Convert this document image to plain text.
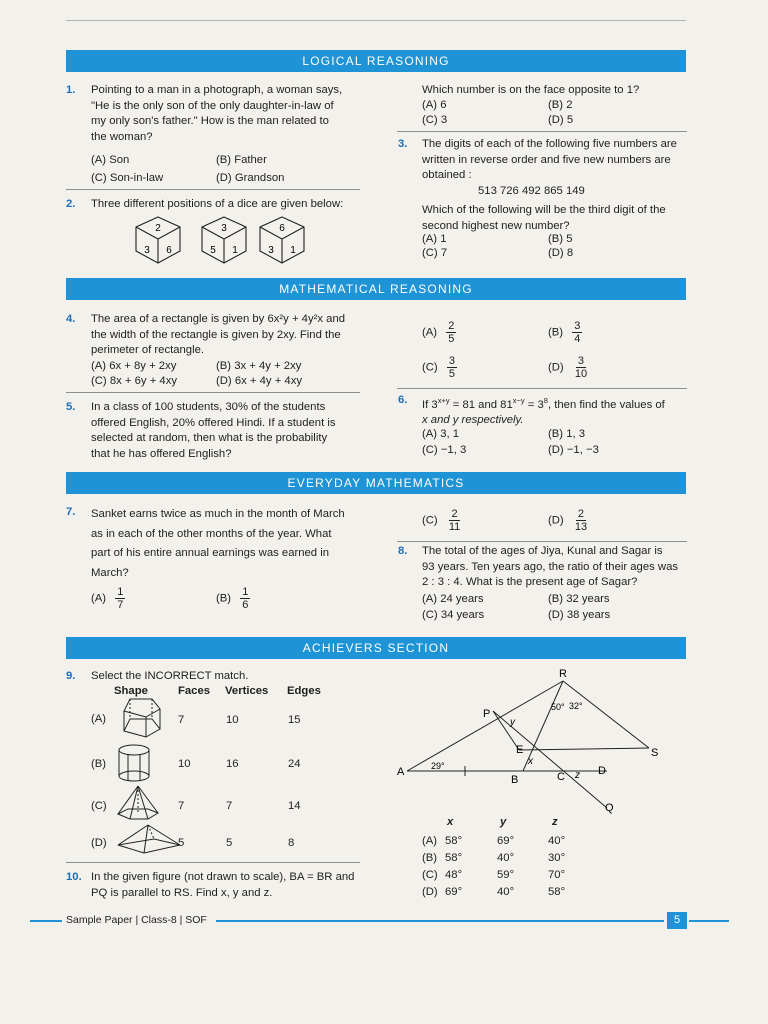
LOGICAL REASONING
1. Pointing to a man in a photograph, a woman says,
"He is the only son of the only daughter-in-law of
my only son's father." How is the man related to
the woman?
(A) Son	(B) Father
(C) Son-in-law	(D) Grandson
2. Three different positions of a dice are given below:
2
3 6
3
5 1
6
3 1
Which number is on the face opposite to 1?
(A) 6	(B) 2
(C) 3	(D) 5
3. The digits of each of the following five numbers are
written in reverse order and five new numbers are
obtained :
513 726 492 865 149
Which of the following will be the third digit of the
second highest new number?
(A) 1	(B) 5
(C) 7	(D) 8
MATHEMATICAL REASONING
4. The area of a rectangle is given by 6x²y + 4y²x and
the width of the rectangle is given by 2xy. Find the
perimeter of rectangle.
(A) 6x + 8y + 2xy	(B) 3x + 4y + 2xy
(C) 8x + 6y + 4xy	(D) 6x + 4y + 4xy
$(A) \frac{2}{5}$	$(B) \frac{3}{4}$
$(C) \frac{3}{5}$	$(D) \frac{3}{10}$
5. In a class of 100 students, 30% of the students
offered English, 20% offered Hindi. If a student is
selected at random, then what is the probability
that he has offered English?
6. If $3^{x+y} = 81$ and $81^{x-y} = 3^8$, then find the values of
x and y respectively.
(A) 3, 1	(B) 1, 3
(C) −1, 3	(D) −1, −3
EVERYDAY MATHEMATICS
7. Sanket earns twice as much in the month of March
as in each of the other months of the year. What
part of his entire annual earnings was earned in
March?
$(A) \frac{1}{7}$	$(B) \frac{1}{6}$
$(C) \frac{2}{11}$	$(D) \frac{2}{13}$
8. The total of the ages of Jiya, Kunal and Sagar is
93 years. Ten years ago, the ratio of their ages was
2 : 3 : 4. What is the present age of Sagar?
(A) 24 years	(B) 32 years
(C) 34 years	(D) 38 years
ACHIEVERS SECTION
9. Select the INCORRECT match.
Shape	Faces Vertices Edges
(A)	7	10	15
(B)	10	16	24
(C)	7	7	14
(D)	5	5	8
10. In the given figure (not drawn to scale), BA = BR and
PQ is parallel to RS. Find x, y and z.
R
P
S
E
A
B	C	D
Q
y
x
z
50° 32°
29°
x	y	z
(A) 58°	69°	40°
(B) 58°	40°	30°
(C) 48°	59°	70°
(D) 69°	40°	58°
Sample Paper | Class-8 | SOF	5
